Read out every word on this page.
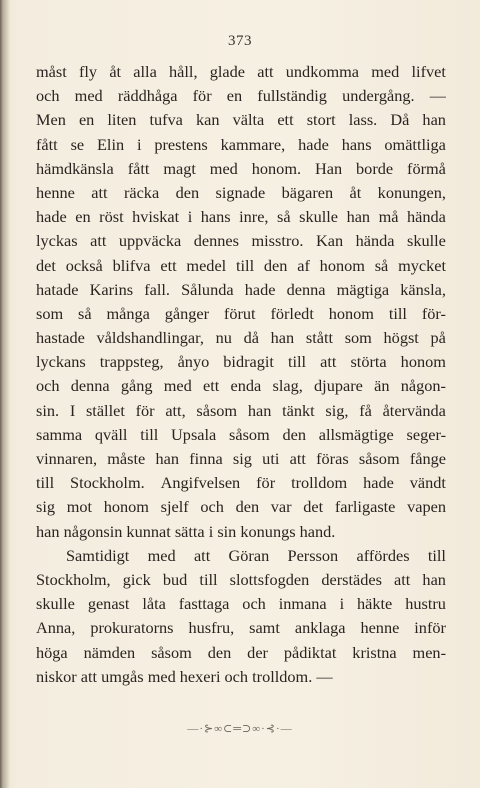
373
måst fly åt alla håll, glade att undkomma med lifvet
och med räddhåga för en fullständig undergång. —
Men en liten tufva kan välta ett stort lass. Då han
fått se Elin i prestens kammare, hade hans omättliga
hämdkänsla fått magt med honom. Han borde förmå
henne att räcka den signade bägaren åt konungen,
hade en röst hviskat i hans inre, så skulle han må hända
lyckas att uppväcka dennes misstro. Kan hända skulle
det också blifva ett medel till den af honom så mycket
hatade Karins fall. Sålunda hade denna mägtiga känsla,
som så många gånger förut förledt honom till för-
hastade våldshandlingar, nu då han stått som högst på
lyckans trappsteg, ånyo bidragit till att störta honom
och denna gång med ett enda slag, djupare än någon-
sin. I stället för att, såsom han tänkt sig, få återvända
samma qväll till Upsala såsom den allsmägtige seger-
vinnaren, måste han finna sig uti att föras såsom fånge
till Stockholm. Angifvelsen för trolldom hade vändt
sig mot honom sjelf och den var det farligaste vapen
han någonsin kunnat sätta i sin konungs hand.
Samtidigt med att Göran Persson affördes till
Stockholm, gick bud till slottsfogden derstädes att han
skulle genast låta fasttaga och inmana i häkte hustru
Anna, prokuratorns husfru, samt anklaga henne inför
höga nämden såsom den der pådiktat kristna men-
niskor att umgås med hexeri och trolldom. —
—·⊱∞⊂═⊃∞·⊰·—
